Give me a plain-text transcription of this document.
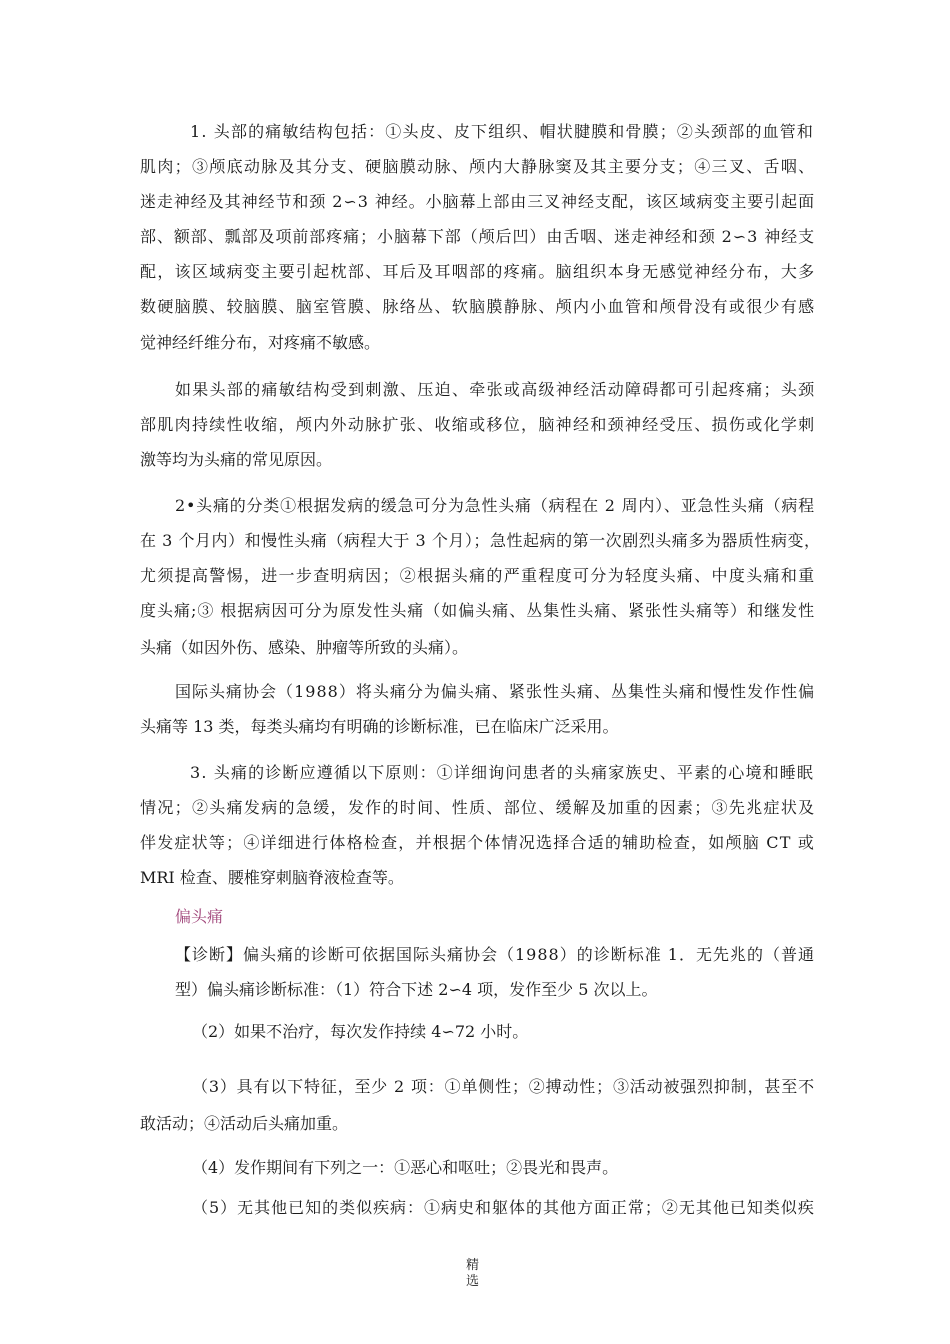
1. 头部的痛敏结构包括：①头皮、皮下组织、帽状腱膜和骨膜；②头颈部的血管和
肌肉；③颅底动脉及其分支、硬脑膜动脉、颅内大静脉窦及其主要分支；④三叉、舌咽、
迷走神经及其神经节和颈 2∽3 神经。小脑幕上部由三叉神经支配，该区域病变主要引起面
部、额部、瓢部及项前部疼痛；小脑幕下部（颅后凹）由舌咽、迷走神经和颈 2∽3 神经支
配，该区域病变主要引起枕部、耳后及耳咽部的疼痛。脑组织本身无感觉神经分布，大多
数硬脑膜、较脑膜、脑室管膜、脉络丛、软脑膜静脉、颅内小血管和颅骨没有或很少有感
觉神经纤维分布，对疼痛不敏感。
如果头部的痛敏结构受到刺激、压迫、牵张或高级神经活动障碍都可引起疼痛；头颈
部肌肉持续性收缩，颅内外动脉扩张、收缩或移位，脑神经和颈神经受压、损伤或化学刺
激等均为头痛的常见原因。
2•头痛的分类①根据发病的缓急可分为急性头痛（病程在 2 周内）、亚急性头痛（病程
在 3 个月内）和慢性头痛（病程大于 3 个月）；急性起病的第一次剧烈头痛多为器质性病变，
尤须提高警惕，进一步查明病因；②根据头痛的严重程度可分为轻度头痛、中度头痛和重
度头痛;③ 根据病因可分为原发性头痛（如偏头痛、丛集性头痛、紧张性头痛等）和继发性
头痛（如因外伤、感染、肿瘤等所致的头痛）。
国际头痛协会（1988）将头痛分为偏头痛、紧张性头痛、丛集性头痛和慢性发作性偏
头痛等 13 类，每类头痛均有明确的诊断标准，已在临床广泛采用。
3. 头痛的诊断应遵循以下原则：①详细询问患者的头痛家族史、平素的心境和睡眠
情况；②头痛发病的急缓，发作的时间、性质、部位、缓解及加重的因素；③先兆症状及
伴发症状等；④详细进行体格检查，并根据个体情况选择合适的辅助检查，如颅脑 CT 或
MRI 检查、腰椎穿刺脑脊液检查等。
偏头痛
【诊断】偏头痛的诊断可依据国际头痛协会（1988）的诊断标准 1．无先兆的（普通
型）偏头痛诊断标准：（1）符合下述 2∽4 项，发作至少 5 次以上。
（2）如果不治疗，每次发作持续 4∽72 小时。
（3）具有以下特征，至少 2 项：①单侧性；②搏动性；③活动被强烈抑制，甚至不
敢活动；④活动后头痛加重。
（4）发作期间有下列之一：①恶心和呕吐；②畏光和畏声。
（5）无其他已知的类似疾病：①病史和躯体的其他方面正常；②无其他已知类似疾
精
选
